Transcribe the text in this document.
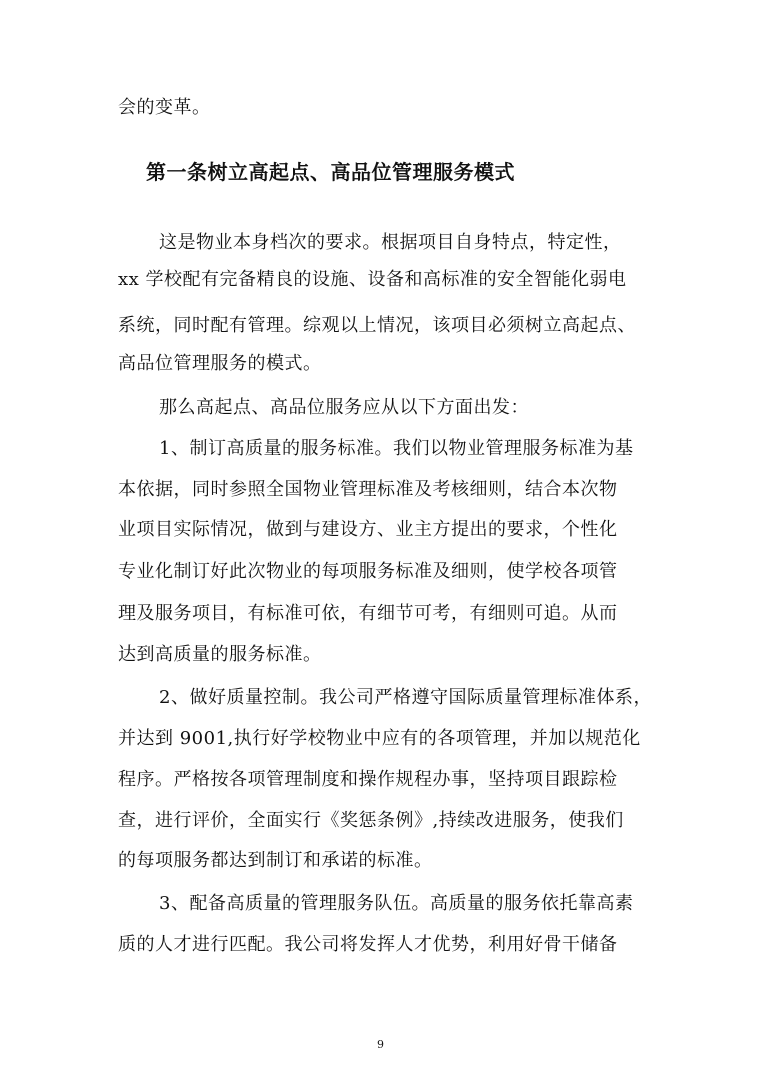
会的变革。
第一条树立高起点、高品位管理服务模式
这是物业本身档次的要求。根据项目自身特点，特定性，
xx 学校配有完备精良的设施、设备和高标准的安全智能化弱电
系统，同时配有管理。综观以上情况，该项目必须树立高起点、
高品位管理服务的模式。
那么高起点、高品位服务应从以下方面出发：
1、制订高质量的服务标准。我们以物业管理服务标准为基
本依据，同时参照全国物业管理标准及考核细则，结合本次物
业项目实际情况，做到与建设方、业主方提出的要求，个性化
专业化制订好此次物业的每项服务标准及细则，使学校各项管
理及服务项目，有标准可依，有细节可考，有细则可追。从而
达到高质量的服务标准。
2、做好质量控制。我公司严格遵守国际质量管理标准体系，
并达到 9001,执行好学校物业中应有的各项管理，并加以规范化
程序。严格按各项管理制度和操作规程办事，坚持项目跟踪检
查，进行评价，全面实行《奖惩条例》,持续改进服务，使我们
的每项服务都达到制订和承诺的标准。
3、配备高质量的管理服务队伍。高质量的服务依托靠高素
质的人才进行匹配。我公司将发挥人才优势，利用好骨干储备
9
